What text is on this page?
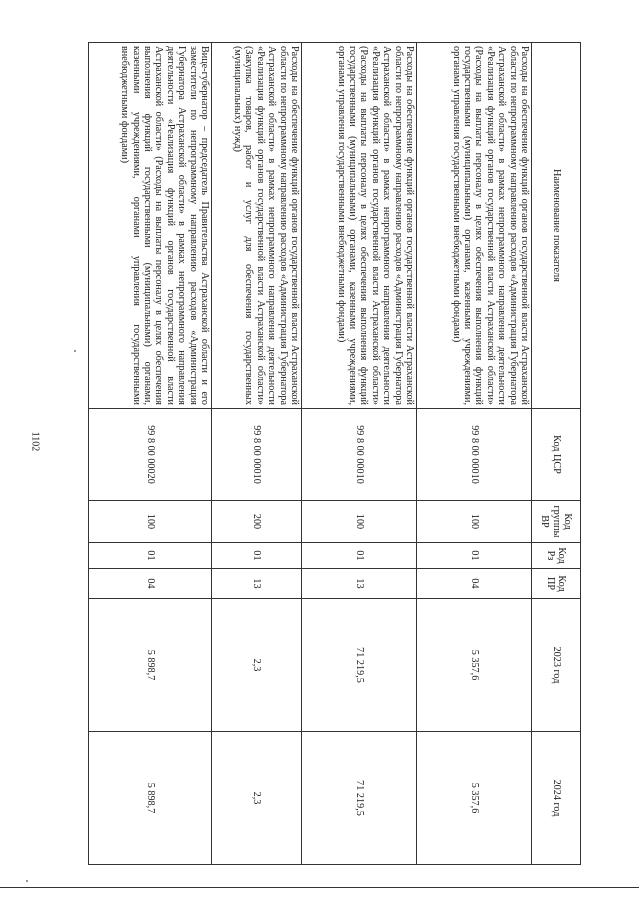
1102
Наименование показателя	Код ЦСР	Код группы ВР	Код Рз	Код ПР	2023 год	2024 год
Расходы на обеспечение функций органов государственной власти Астраханской области по непрограммному направлению расходов «Администрация Губернатора Астраханской области» в рамках непрограммного направления деятельности «Реализация функций органов государственной власти Астраханской области» (Расходы на выплаты персоналу в целях обеспечения выполнения функций государственными (муниципальными) органами, казенными учреждениями, органами управления государственными внебюджетными фондами)	99 8 00 00010	100	01	04	5 357,6	5 357,6
Расходы на обеспечение функций органов государственной власти Астраханской области по непрограммному направлению расходов «Администрация Губернатора Астраханской области» в рамках непрограммного направления деятельности «Реализация функций органов государственной власти Астраханской области» (Расходы на выплаты персоналу в целях обеспечения выполнения функций государственными (муниципальными) органами, казенными учреждениями, органами управления государственными внебюджетными фондами)	99 8 00 00010	100	01	13	71 219,5	71 219,5
Расходы на обеспечение функций органов государственной власти Астраханской области по непрограммному направлению расходов «Администрация Губернатора Астраханской области» в рамках непрограммного направления деятельности «Реализация функций органов государственной власти Астраханской области» (Закупка товаров, работ и услуг для обеспечения государственных (муниципальных) нужд)	99 8 00 00010	200	01	13	2,3	2,3
Вице-губернатор – председатель Правительства Астраханской области и его заместители по непрограммному направлению расходов «Администрация Губернатора Астраханской области» в рамках непрограммного направления деятельности «Реализация функций органов государственной власти Астраханской области» (Расходы на выплаты персоналу в целях обеспечения выполнения функций государственными (муниципальными) органами, казенными учреждениями, органами управления государственными внебюджетными фондами)	99 8 00 00020	100	01	04	5 898,7	5 898,7
